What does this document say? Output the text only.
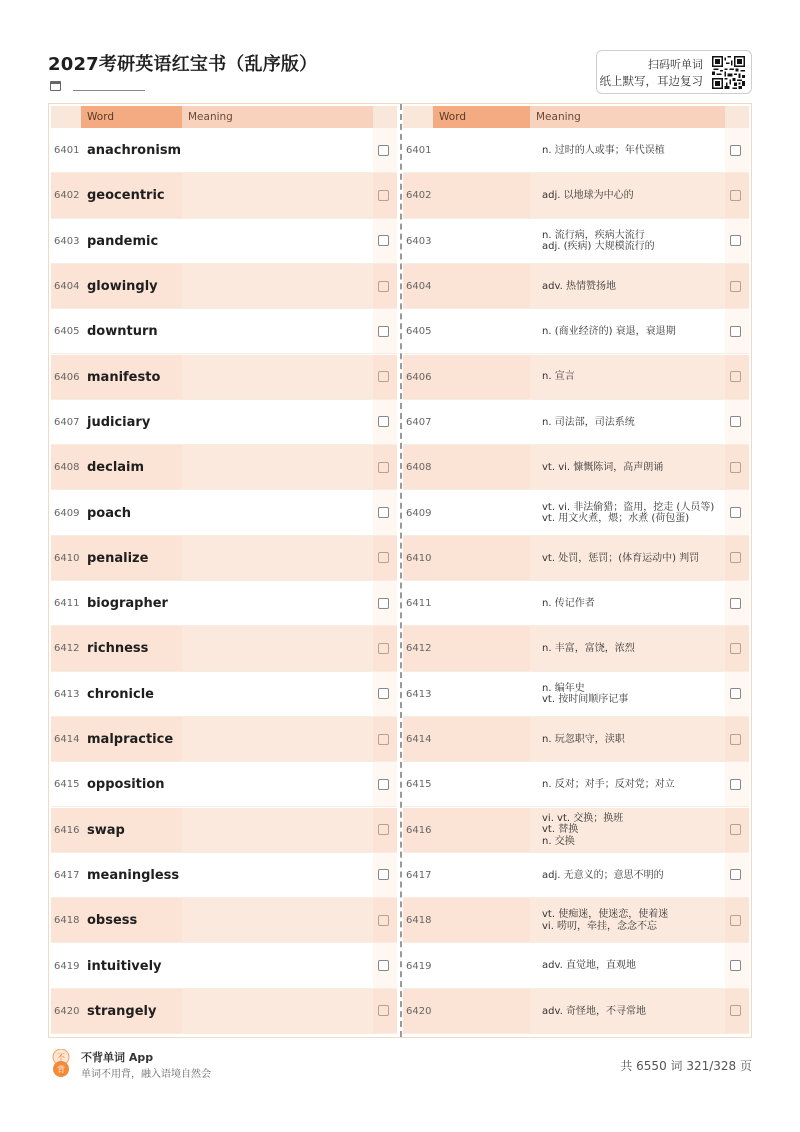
2027考研英语红宝书（乱序版）	扫码听单词
纸上默写，耳边复习
Word	Meaning
6401 anachronism
6402 geocentric
6403 pandemic
6404 glowingly
6405 downturn
6406 manifesto
6407 judiciary
6408 declaim
6409 poach
6410 penalize
6411 biographer
6412 richness
6413 chronicle
6414 malpractice
6415 opposition
6416 swap
6417 meaningless
6418 obsess
6419 intuitively
6420 strangely
Word	Meaning
6401	n. 过时的人或事；年代误植
6402	adj. 以地球为中心的
6403
n. 流行病，疾病大流行
adj. (疾病) 大规模流行的
6404	adv. 热情赞扬地
6405	n. (商业经济的) 衰退，衰退期
6406	n. 宣言
6407	n. 司法部，司法系统
6408	vt. vi. 慷慨陈词，高声朗诵
6409
vt. vi. 非法偷猎；盗用，挖走 (人员等)
vt. 用文火煮，煨；水煮 (荷包蛋)
6410	vt. 处罚，惩罚；(体育运动中) 判罚
6411	n. 传记作者
6412	n. 丰富，富饶，浓烈
6413
n. 编年史
vt. 按时间顺序记事
6414	n. 玩忽职守，渎职
6415	n. 反对；对手；反对党；对立
6416
vi. vt. 交换；换班
vt. 替换
n. 交换
6417	adj. 无意义的；意思不明的
6418
vt. 使痴迷，使迷恋，使着迷
vi. 唠叨，牵挂，念念不忘
6419	adv. 直觉地，直观地
6420	adv. 奇怪地，不寻常地
不
背
不背单词 App
单词不用背，融入语境自然会
共 6550 词 321/328 页
